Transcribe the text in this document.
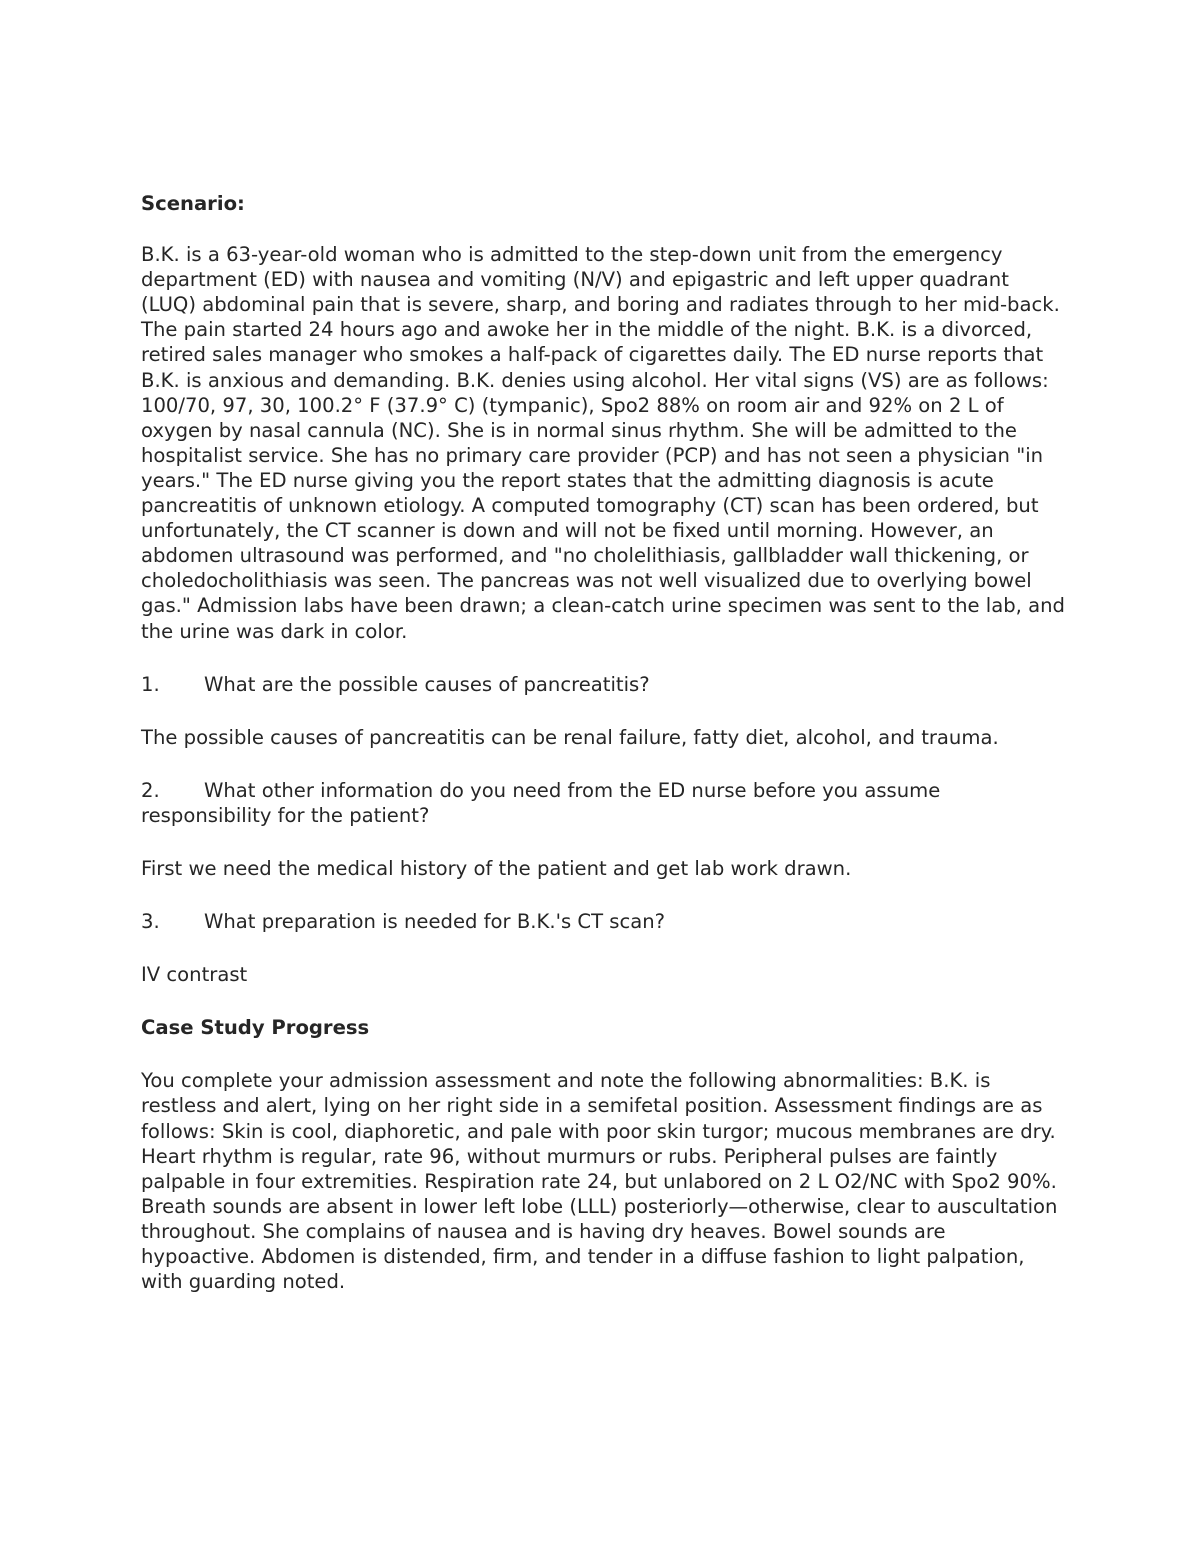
Scenario:

B.K. is a 63-year-old woman who is admitted to the step-down unit from the emergency department (ED) with nausea and vomiting (N/V) and epigastric and left upper quadrant (LUQ) abdominal pain that is severe, sharp, and boring and radiates through to her mid-back. The pain started 24 hours ago and awoke her in the middle of the night. B.K. is a divorced, retired sales manager who smokes a half-pack of cigarettes daily. The ED nurse reports that B.K. is anxious and demanding. B.K. denies using alcohol. Her vital signs (VS) are as follows: 100/70, 97, 30, 100.2° F (37.9° C) (tympanic), Spo2 88% on room air and 92% on 2 L of oxygen by nasal cannula (NC). She is in normal sinus rhythm. She will be admitted to the hospitalist service. She has no primary care provider (PCP) and has not seen a physician "in years." The ED nurse giving you the report states that the admitting diagnosis is acute pancreatitis of unknown etiology. A computed tomography (CT) scan has been ordered, but unfortunately, the CT scanner is down and will not be fixed until morning. However, an abdomen ultrasound was performed, and "no cholelithiasis, gallbladder wall thickening, or choledocholithiasis was seen. The pancreas was not well visualized due to overlying bowel gas." Admission labs have been drawn; a clean-catch urine specimen was sent to the lab, and the urine was dark in color.

1.	What are the possible causes of pancreatitis?

The possible causes of pancreatitis can be renal failure, fatty diet, alcohol, and trauma.

2.	What other information do you need from the ED nurse before you assume

responsibility for the patient?

First we need the medical history of the patient and get lab work drawn.

3.	What preparation is needed for B.K.'s CT scan?

IV contrast

Case Study Progress

You complete your admission assessment and note the following abnormalities: B.K. is restless and alert, lying on her right side in a semifetal position. Assessment findings are as follows: Skin is cool, diaphoretic, and pale with poor skin turgor; mucous membranes are dry. Heart rhythm is regular, rate 96, without murmurs or rubs. Peripheral pulses are faintly palpable in four extremities. Respiration rate 24, but unlabored on 2 L O2/NC with Spo2 90%. Breath sounds are absent in lower left lobe (LLL) posteriorly—otherwise, clear to auscultation throughout. She complains of nausea and is having dry heaves. Bowel sounds are hypoactive. Abdomen is distended, firm, and tender in a diffuse fashion to light palpation, with guarding noted.
